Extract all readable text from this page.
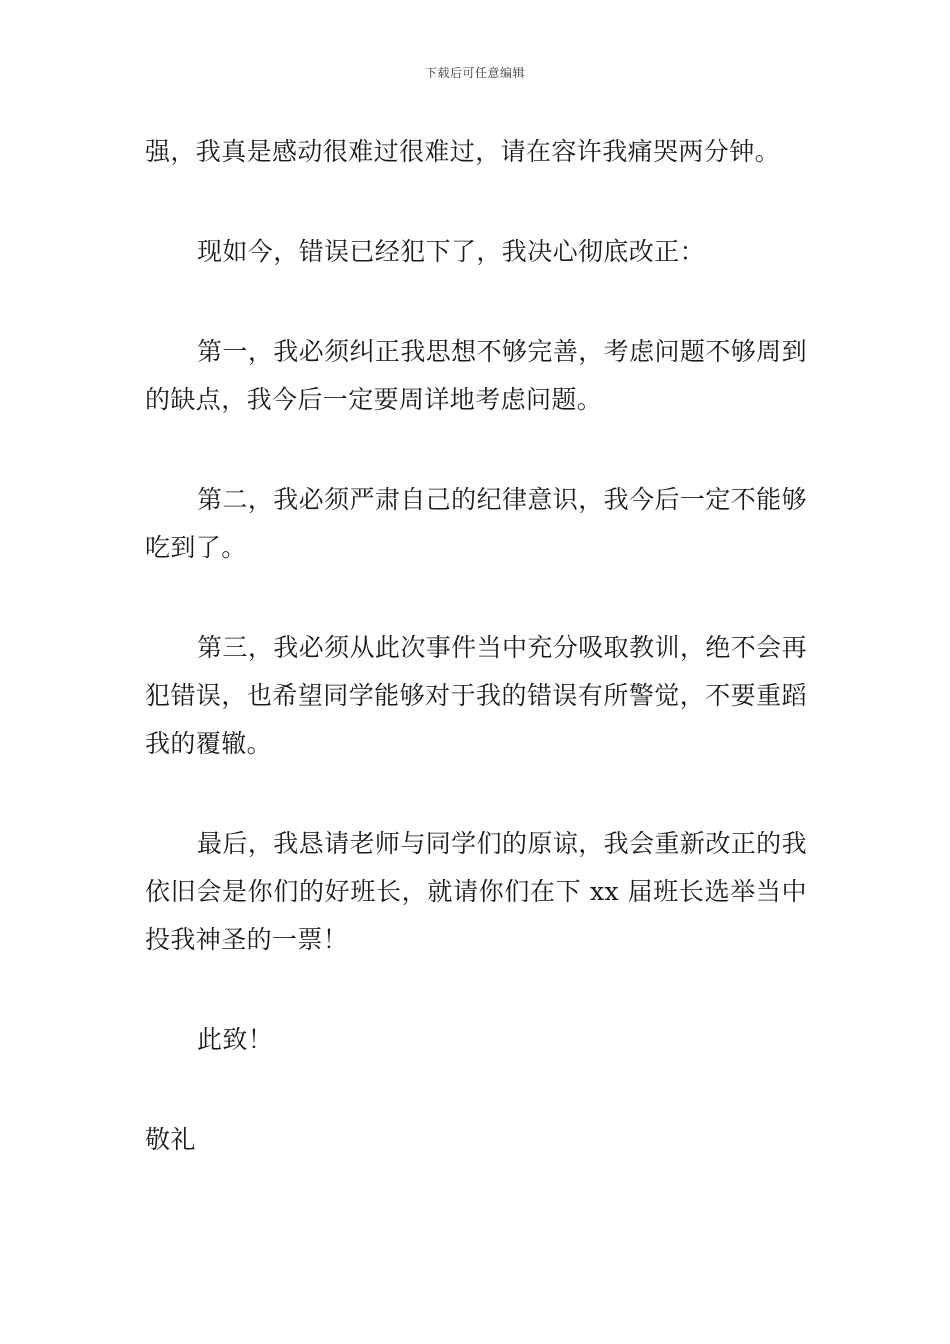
下载后可任意编辑

强，我真是感动很难过很难过，请在容许我痛哭两分钟。

现如今，错误已经犯下了，我决心彻底改正：

第一，我必须纠正我思想不够完善，考虑问题不够周到的缺点，我今后一定要周详地考虑问题。

第二，我必须严肃自己的纪律意识，我今后一定不能够吃到了。

第三，我必须从此次事件当中充分吸取教训，绝不会再犯错误，也希望同学能够对于我的错误有所警觉，不要重蹈我的覆辙。

最后，我恳请老师与同学们的原谅，我会重新改正的我依旧会是你们的好班长，就请你们在下 xx 届班长选举当中投我神圣的一票！

此致！

敬礼
